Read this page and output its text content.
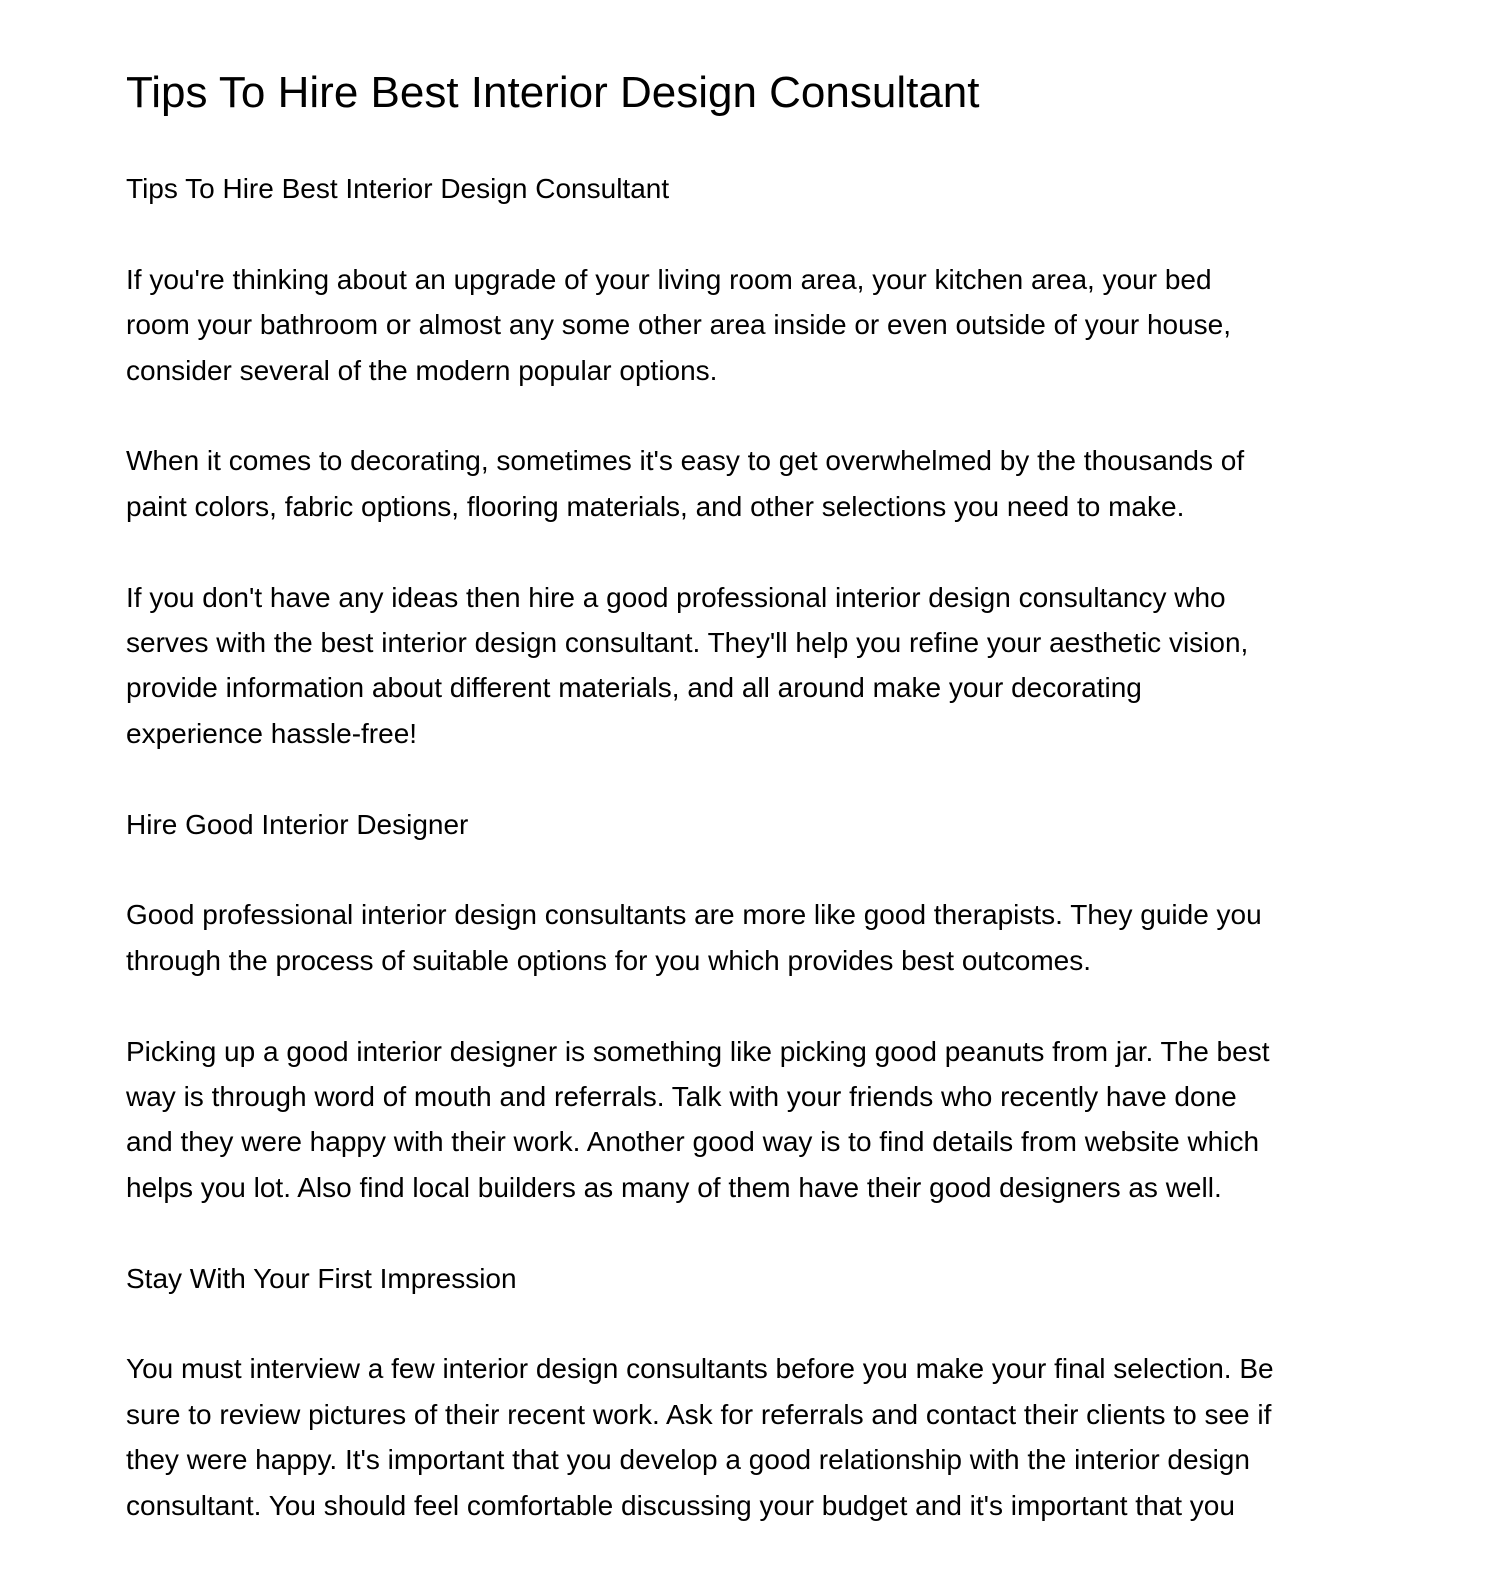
Tips To Hire Best Interior Design Consultant

Tips To Hire Best Interior Design Consultant

If you're thinking about an upgrade of your living room area, your kitchen area, your bed
room your bathroom or almost any some other area inside or even outside of your house,
consider several of the modern popular options.

When it comes to decorating, sometimes it's easy to get overwhelmed by the thousands of
paint colors, fabric options, flooring materials, and other selections you need to make.

If you don't have any ideas then hire a good professional interior design consultancy who
serves with the best interior design consultant. They'll help you refine your aesthetic vision,
provide information about different materials, and all around make your decorating
experience hassle-free!

Hire Good Interior Designer

Good professional interior design consultants are more like good therapists. They guide you
through the process of suitable options for you which provides best outcomes.

Picking up a good interior designer is something like picking good peanuts from jar. The best
way is through word of mouth and referrals. Talk with your friends who recently have done
and they were happy with their work. Another good way is to find details from website which
helps you lot. Also find local builders as many of them have their good designers as well.

Stay With Your First Impression

You must interview a few interior design consultants before you make your final selection. Be
sure to review pictures of their recent work. Ask for referrals and contact their clients to see if
they were happy. It's important that you develop a good relationship with the interior design
consultant. You should feel comfortable discussing your budget and it's important that you
